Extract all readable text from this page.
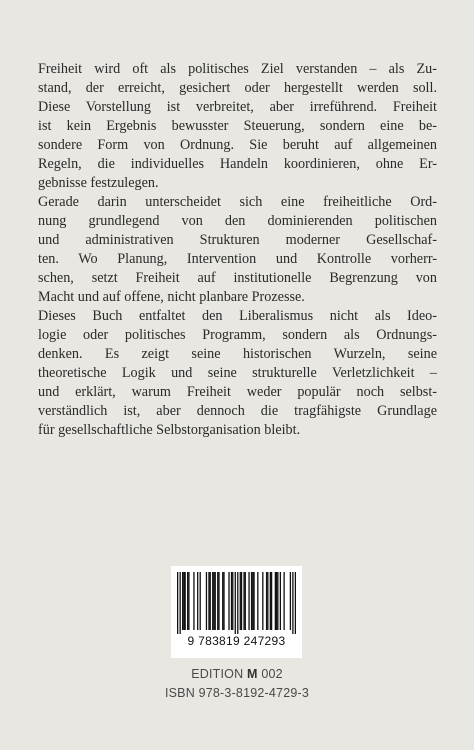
Freiheit wird oft als politisches Ziel verstanden – als Zu-
stand, der erreicht, gesichert oder hergestellt werden soll.
Diese Vorstellung ist verbreitet, aber irreführend. Freiheit
ist kein Ergebnis bewusster Steuerung, sondern eine be-
sondere Form von Ordnung. Sie beruht auf allgemeinen
Regeln, die individuelles Handeln koordinieren, ohne Er-
gebnisse festzulegen.

Gerade darin unterscheidet sich eine freiheitliche Ord-
nung grundlegend von den dominierenden politischen
und administrativen Strukturen moderner Gesellschaf-
ten. Wo Planung, Intervention und Kontrolle vorherr-
schen, setzt Freiheit auf institutionelle Begrenzung von
Macht und auf offene, nicht planbare Prozesse.

Dieses Buch entfaltet den Liberalismus nicht als Ideo-
logie oder politisches Programm, sondern als Ordnungs-
denken. Es zeigt seine historischen Wurzeln, seine
theoretische Logik und seine strukturelle Verletzlichkeit –
und erklärt, warum Freiheit weder populär noch selbst-
verständlich ist, aber dennoch die tragfähigste Grundlage
für gesellschaftliche Selbstorganisation bleibt.

9 783819 247293
EDITION M 002
ISBN 978-3-8192-4729-3
